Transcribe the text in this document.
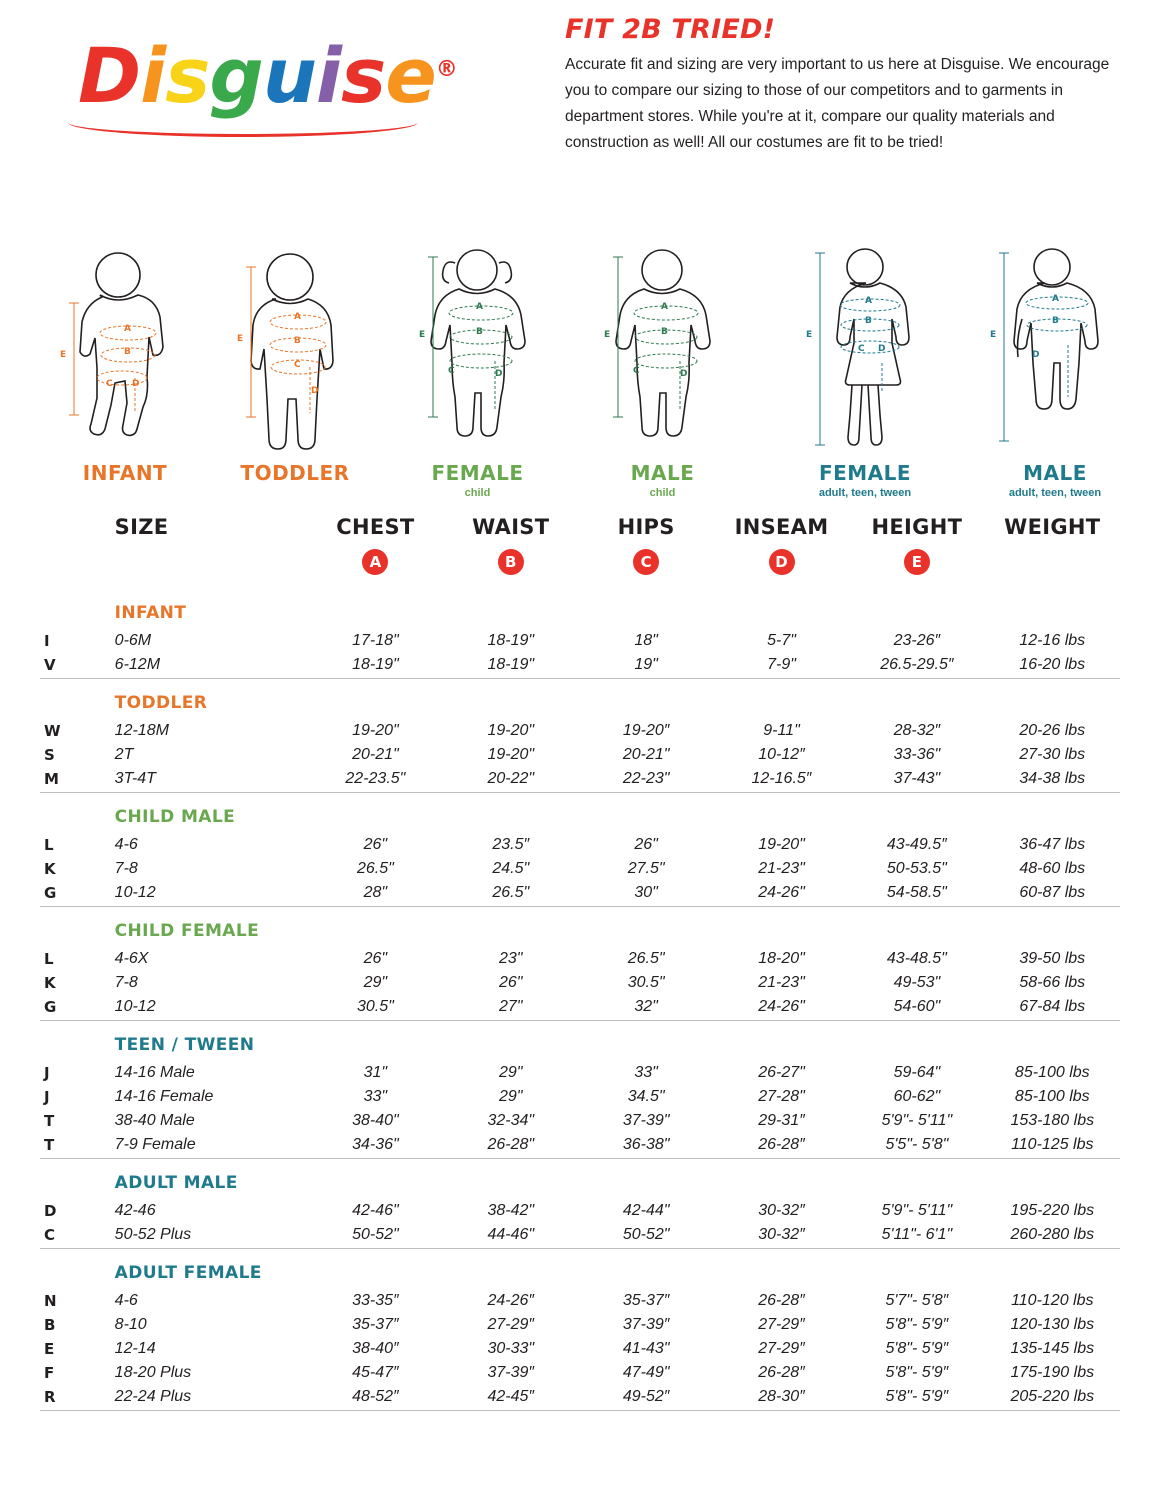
Disguise®
FIT 2B TRIED!
Accurate fit and sizing are very important to us here at Disguise. We encourage you to compare our sizing to those of our competitors and to garments in department stores. While you're at it, compare our quality materials and construction as well! All our costumes are fit to be tried!
A
B
C D
E
INFANT
A
B
C
D
E
TODDLER
A
B
C	D
E
FEMALE
child
A
B
C	D
E
MALE
child
A
B
C D
E
FEMALE
adult, teen, tween
A
B
D
E
MALE
adult, teen, tween
	SIZE	CHEST	WAIST	HIPS	INSEAM	HEIGHT	WEIGHT
		A	B	C	D	E	
	INFANT						
I	0-6M	17-18"	18-19"	18"	5-7"	23-26″	12-16 lbs
V	6-12M	18-19"	18-19"	19"	7-9"	26.5-29.5″	16-20 lbs

	TODDLER						
W	12-18M	19-20"	19-20"	19-20″	9-11"	28-32″	20-26 lbs
S	2T	20-21"	19-20"	20-21"	10-12″	33-36"	27-30 lbs
M	3T-4T	22-23.5"	20-22"	22-23"	12-16.5″	37-43"	34-38 lbs

	CHILD MALE						
L	4-6	26"	23.5″	26"	19-20"	43-49.5″	36-47 lbs
K	7-8	26.5"	24.5"	27.5"	21-23"	50-53.5"	48-60 lbs
G	10-12	28"	26.5"	30"	24-26"	54-58.5"	60-87 lbs

	CHILD FEMALE						
L	4-6X	26"	23"	26.5"	18-20"	43-48.5"	39-50 lbs
K	7-8	29"	26"	30.5"	21-23"	49-53"	58-66 lbs
G	10-12	30.5"	27"	32"	24-26"	54-60"	67-84 lbs

	TEEN / TWEEN						
J	14-16 Male	31"	29"	33"	26-27"	59-64"	85-100 lbs
J	14-16 Female	33"	29"	34.5"	27-28"	60-62"	85-100 lbs
T	38-40 Male	38-40"	32-34"	37-39"	29-31″	5'9"- 5'11"	153-180 lbs
T	7-9 Female	34-36"	26-28"	36-38"	26-28″	5'5"- 5'8"	110-125 lbs

	ADULT MALE						
D	42-46	42-46"	38-42"	42-44"	30-32″	5'9"- 5'11"	195-220 lbs
C	50-52 Plus	50-52"	44-46"	50-52"	30-32″	5'11"- 6'1"	260-280 lbs

	ADULT FEMALE						
N	4-6	33-35″	24-26″	35-37″	26-28″	5'7"- 5'8″	110-120 lbs
B	8-10	35-37″	27-29″	37-39″	27-29″	5'8"- 5'9″	120-130 lbs
E	12-14	38-40″	30-33"	41-43"	27-29″	5'8"- 5'9″	135-145 lbs
F	18-20 Plus	45-47″	37-39″	47-49"	26-28″	5'8"- 5'9″	175-190 lbs
R	22-24 Plus	48-52″	42-45″	49-52″	28-30″	5'8"- 5'9″	205-220 lbs
